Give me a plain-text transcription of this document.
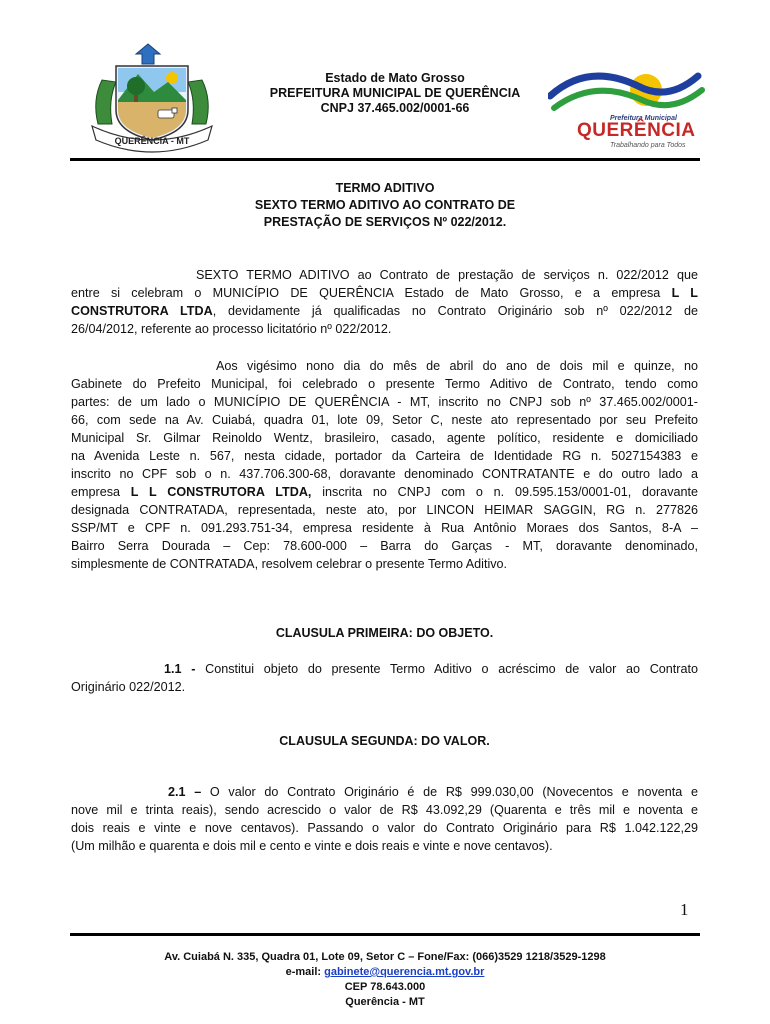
QUERÊNCIA - MT
Estado de Mato Grosso
PREFEITURA MUNICIPAL DE QUERÊNCIA
CNPJ 37.465.002/0001-66
Prefeitura Municipal
QUERÊNCIA
Trabalhando para Todos
TERMO ADITIVO
SEXTO TERMO ADITIVO AO CONTRATO DE
PRESTAÇÃO DE SERVIÇOS Nº 022/2012.
SEXTO TERMO ADITIVO ao Contrato de prestação de serviços n. 022/2012 que
entre si celebram o MUNICÍPIO DE QUERÊNCIA Estado de Mato Grosso, e a empresa L L
CONSTRUTORA LTDA, devidamente já qualificadas no Contrato Originário sob nº 022/2012 de
26/04/2012, referente ao processo licitatório nº 022/2012.
Aos vigésimo nono dia do mês de abril do ano de dois mil e quinze, no
Gabinete do Prefeito Municipal, foi celebrado o presente Termo Aditivo de Contrato, tendo como
partes: de um lado o MUNICÍPIO DE QUERÊNCIA - MT, inscrito no CNPJ sob nº 37.465.002/0001-
66, com sede na Av. Cuiabá, quadra 01, lote 09, Setor C, neste ato representado por seu Prefeito
Municipal Sr. Gilmar Reinoldo Wentz, brasileiro, casado, agente político, residente e domiciliado
na Avenida Leste n. 567, nesta cidade, portador da Carteira de Identidade RG n. 5027154383 e
inscrito no CPF sob o n. 437.706.300-68, doravante denominado CONTRATANTE e do outro lado a
empresa L L CONSTRUTORA LTDA, inscrita no CNPJ com o n. 09.595.153/0001-01, doravante
designada CONTRATADA, representada, neste ato, por LINCON HEIMAR SAGGIN, RG n. 277826
SSP/MT e CPF n. 091.293.751-34, empresa residente à Rua Antônio Moraes dos Santos, 8-A –
Bairro Serra Dourada – Cep: 78.600-000 – Barra do Garças - MT, doravante denominado,
simplesmente de CONTRATADA, resolvem celebrar o presente Termo Aditivo.
CLAUSULA PRIMEIRA: DO OBJETO.
1.1 - Constitui objeto do presente Termo Aditivo o acréscimo de valor ao Contrato
Originário 022/2012.
CLAUSULA SEGUNDA: DO VALOR.
2.1 – O valor do Contrato Originário é de R$ 999.030,00 (Novecentos e noventa e
nove mil e trinta reais), sendo acrescido o valor de R$ 43.092,29 (Quarenta e três mil e noventa e
dois reais e vinte e nove centavos). Passando o valor do Contrato Originário para R$ 1.042.122,29
(Um milhão e quarenta e dois mil e cento e vinte e dois reais e vinte e nove centavos).
1
Av. Cuiabá N. 335, Quadra 01, Lote 09, Setor C – Fone/Fax: (066)3529 1218/3529-1298
e-mail: gabinete@querencia.mt.gov.br
CEP 78.643.000
Querência - MT
